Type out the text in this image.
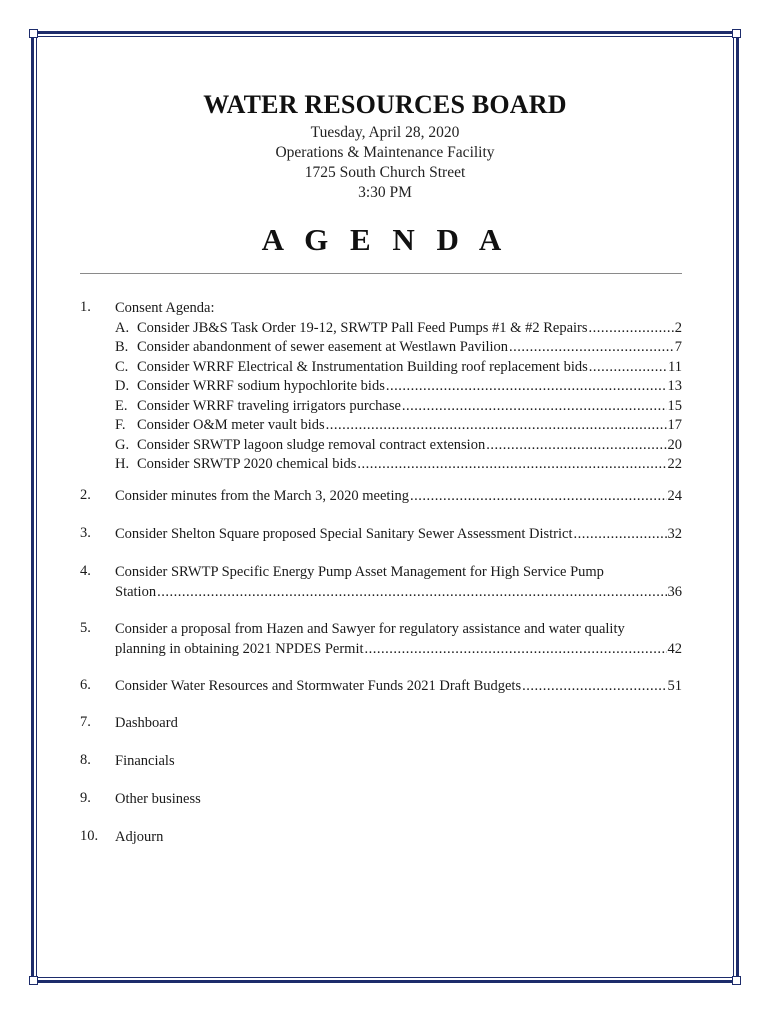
WATER RESOURCES BOARD
Tuesday, April 28, 2020
Operations & Maintenance Facility
1725 South Church Street
3:30 PM
A G E N D A
1. Consent Agenda:
A. Consider JB&S Task Order 19-12, SRWTP Pall Feed Pumps #1 & #2 Repairs .....	2
B. Consider abandonment of sewer easement at Westlawn Pavilion .....	7
C. Consider WRRF Electrical & Instrumentation Building roof replacement bids .....	11
D. Consider WRRF sodium hypochlorite bids .....	13
E. Consider WRRF traveling irrigators purchase .....	15
F. Consider O&M meter vault bids .....	17
G. Consider SRWTP lagoon sludge removal contract extension .....	20
H. Consider SRWTP 2020 chemical bids .....	22
2. Consider minutes from the March 3, 2020 meeting .....	24
3. Consider Shelton Square proposed Special Sanitary Sewer Assessment District .....	32
4. Consider SRWTP Specific Energy Pump Asset Management for High Service Pump
Station .....	36
5. Consider a proposal from Hazen and Sawyer for regulatory assistance and water quality
planning in obtaining 2021 NPDES Permit .....	42
6. Consider Water Resources and Stormwater Funds 2021 Draft Budgets .....	51
7. Dashboard
8. Financials
9. Other business
10. Adjourn
